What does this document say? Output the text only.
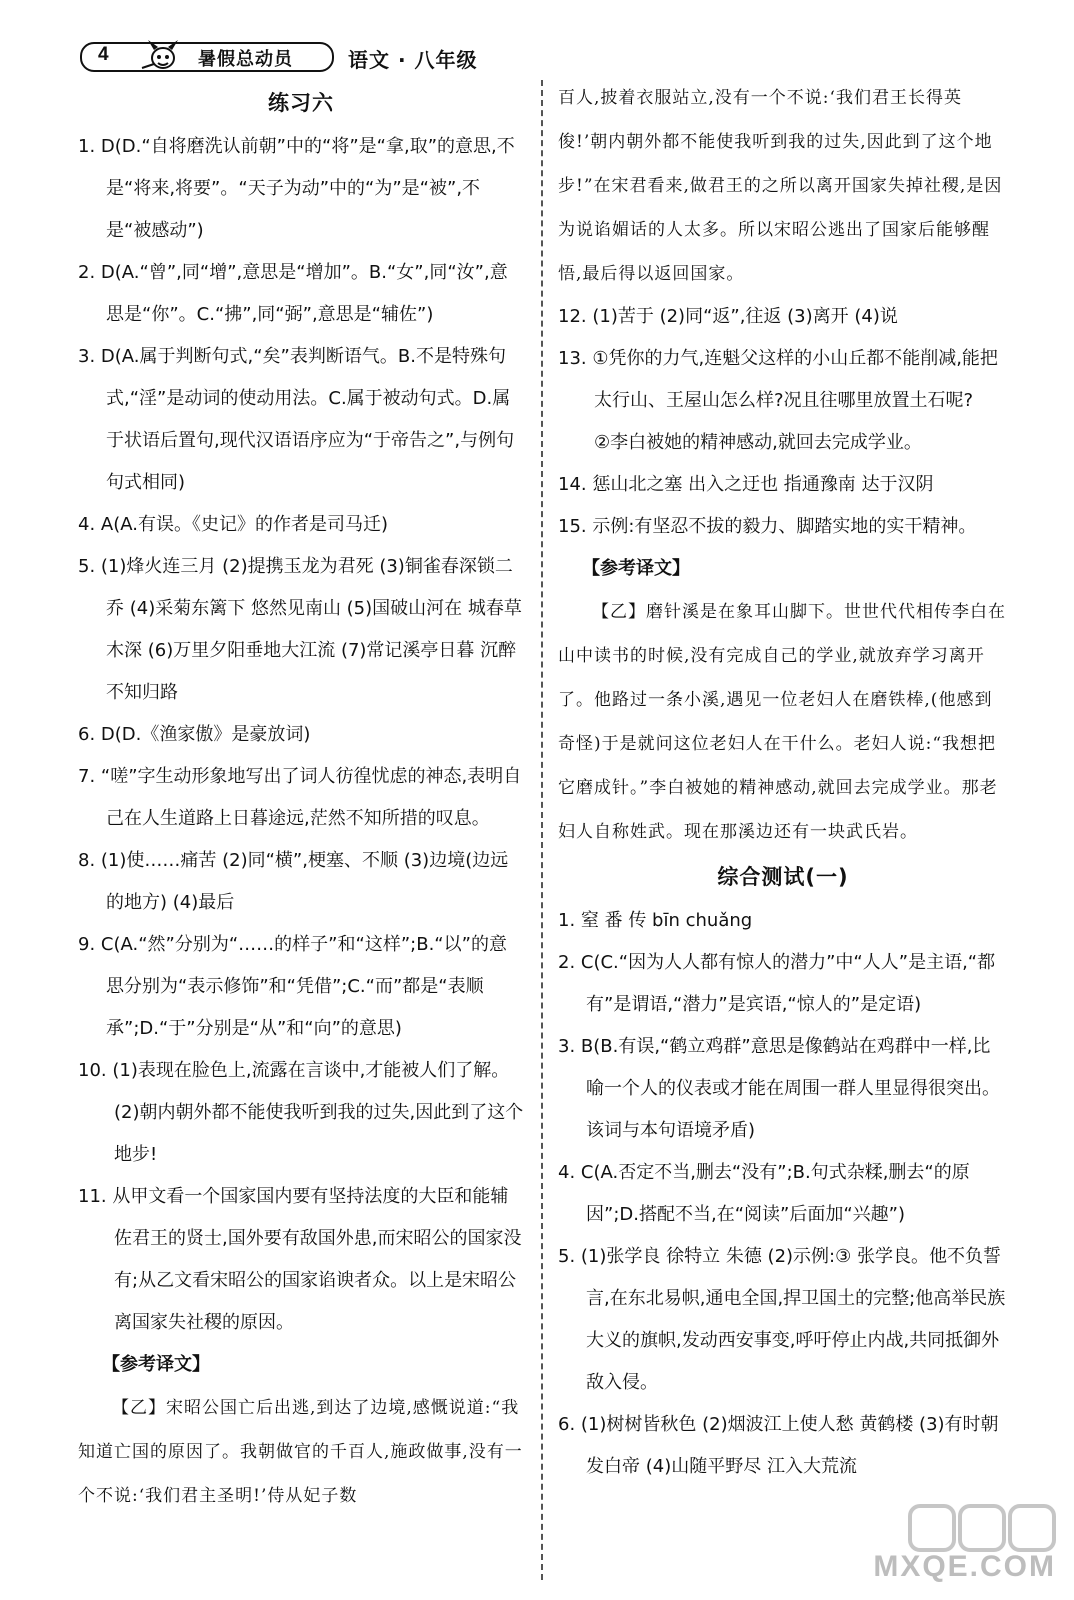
4	暑假总动员	语文 · 八年级
练习六
1. D(D.“自将磨洗认前朝”中的“将”是“拿,取”的意思,不是“将来,将要”。“天子为动”中的“为”是“被”,不是“被感动”)
2. D(A.“曾”,同“增”,意思是“增加”。B.“女”,同“汝”,意思是“你”。C.“拂”,同“弼”,意思是“辅佐”)
3. D(A.属于判断句式,“矣”表判断语气。B.不是特殊句式,“淫”是动词的使动用法。C.属于被动句式。D.属于状语后置句,现代汉语语序应为“于帝告之”,与例句句式相同)
4. A(A.有误。《史记》的作者是司马迁)
5. (1)烽火连三月 (2)提携玉龙为君死 (3)铜雀春深锁二乔 (4)采菊东篱下 悠然见南山 (5)国破山河在 城春草木深 (6)万里夕阳垂地大江流 (7)常记溪亭日暮 沉醉不知归路
6. D(D.《渔家傲》是豪放词)
7. “嗟”字生动形象地写出了词人彷徨忧虑的神态,表明自己在人生道路上日暮途远,茫然不知所措的叹息。
8. (1)使……痛苦 (2)同“横”,梗塞、不顺 (3)边境(边远的地方) (4)最后
9. C(A.“然”分别为“……的样子”和“这样”;B.“以”的意思分别为“表示修饰”和“凭借”;C.“而”都是“表顺承”;D.“于”分别是“从”和“向”的意思)
10. (1)表现在脸色上,流露在言谈中,才能被人们了解。
(2)朝内朝外都不能使我听到我的过失,因此到了这个地步!
11. 从甲文看一个国家国内要有坚持法度的大臣和能辅佐君王的贤士,国外要有敌国外患,而宋昭公的国家没有;从乙文看宋昭公的国家谄谀者众。以上是宋昭公离国家失社稷的原因。
【参考译文】
【乙】宋昭公国亡后出逃,到达了边境,感慨说道:“我知道亡国的原因了。我朝做官的千百人,施政做事,没有一个不说:‘我们君主圣明!’侍从妃子数
百人,披着衣服站立,没有一个不说:‘我们君王长得英俊!’朝内朝外都不能使我听到我的过失,因此到了这个地步!”在宋君看来,做君王的之所以离开国家失掉社稷,是因为说谄媚话的人太多。所以宋昭公逃出了国家后能够醒悟,最后得以返回国家。
12. (1)苦于 (2)同“返”,往返 (3)离开 (4)说
13. ①凭你的力气,连魁父这样的小山丘都不能削减,能把太行山、王屋山怎么样?况且往哪里放置土石呢?
②李白被她的精神感动,就回去完成学业。
14. 惩山北之塞 出入之迂也 指通豫南 达于汉阴
15. 示例:有坚忍不拔的毅力、脚踏实地的实干精神。
【参考译文】
【乙】磨针溪是在象耳山脚下。世世代代相传李白在山中读书的时候,没有完成自己的学业,就放弃学习离开了。他路过一条小溪,遇见一位老妇人在磨铁棒,(他感到奇怪)于是就问这位老妇人在干什么。老妇人说:“我想把它磨成针。”李白被她的精神感动,就回去完成学业。那老妇人自称姓武。现在那溪边还有一块武氏岩。
综合测试(一)
1. 窒 番 传 bīn chuǎng
2. C(C.“因为人人都有惊人的潜力”中“人人”是主语,“都有”是谓语,“潜力”是宾语,“惊人的”是定语)
3. B(B.有误,“鹤立鸡群”意思是像鹤站在鸡群中一样,比喻一个人的仪表或才能在周围一群人里显得很突出。该词与本句语境矛盾)
4. C(A.否定不当,删去“没有”;B.句式杂糅,删去“的原因”;D.搭配不当,在“阅读”后面加“兴趣”)
5. (1)张学良 徐特立 朱德 (2)示例:③ 张学良。他不负誓言,在东北易帜,通电全国,捍卫国土的完整;他高举民族大义的旗帜,发动西安事变,呼吁停止内战,共同抵御外敌入侵。
6. (1)树树皆秋色 (2)烟波江上使人愁 黄鹤楼 (3)有时朝发白帝 (4)山随平野尽 江入大荒流
MXQE.COM
